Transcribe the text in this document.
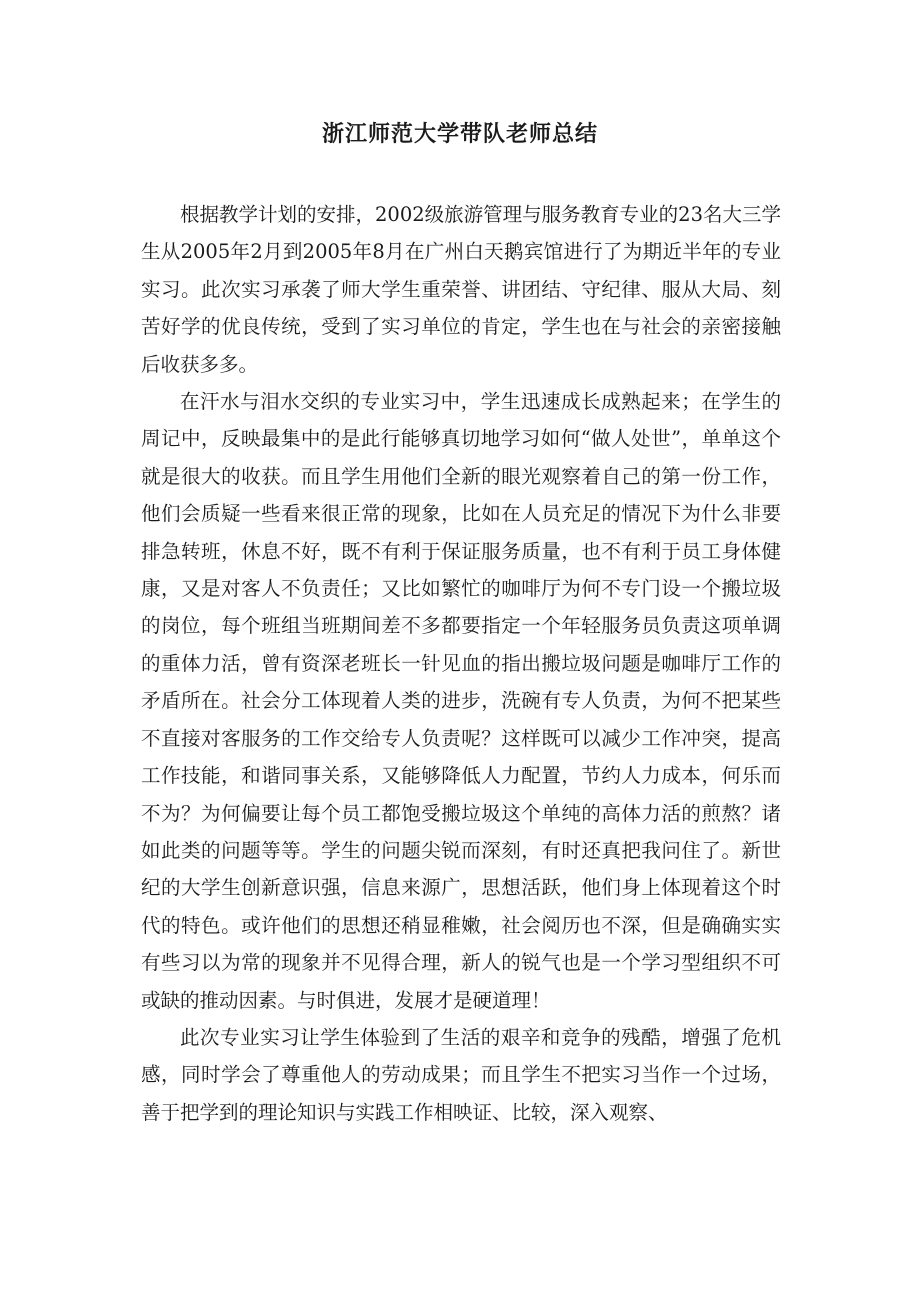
浙江师范大学带队老师总结

根据教学计划的安排，2002级旅游管理与服务教育专业的23名大三学生从2005年2月到2005年8月在广州白天鹅宾馆进行了为期近半年的专业实习。此次实习承袭了师大学生重荣誉、讲团结、守纪律、服从大局、刻苦好学的优良传统，受到了实习单位的肯定，学生也在与社会的亲密接触后收获多多。

在汗水与泪水交织的专业实习中，学生迅速成长成熟起来；在学生的周记中，反映最集中的是此行能够真切地学习如何“做人处世”，单单这个就是很大的收获。而且学生用他们全新的眼光观察着自己的第一份工作，他们会质疑一些看来很正常的现象，比如在人员充足的情况下为什么非要排急转班，休息不好，既不有利于保证服务质量，也不有利于员工身体健康，又是对客人不负责任；又比如繁忙的咖啡厅为何不专门设一个搬垃圾的岗位，每个班组当班期间差不多都要指定一个年轻服务员负责这项单调的重体力活，曾有资深老班长一针见血的指出搬垃圾问题是咖啡厅工作的矛盾所在。社会分工体现着人类的进步，洗碗有专人负责，为何不把某些不直接对客服务的工作交给专人负责呢？这样既可以减少工作冲突，提高工作技能，和谐同事关系，又能够降低人力配置，节约人力成本，何乐而不为？为何偏要让每个员工都饱受搬垃圾这个单纯的高体力活的煎熬？诸如此类的问题等等。学生的问题尖锐而深刻，有时还真把我问住了。新世纪的大学生创新意识强，信息来源广，思想活跃，他们身上体现着这个时代的特色。或许他们的思想还稍显稚嫩，社会阅历也不深，但是确确实实有些习以为常的现象并不见得合理，新人的锐气也是一个学习型组织不可或缺的推动因素。与时俱进，发展才是硬道理！

此次专业实习让学生体验到了生活的艰辛和竞争的残酷，增强了危机感，同时学会了尊重他人的劳动成果；而且学生不把实习当作一个过场，善于把学到的理论知识与实践工作相映证、比较，深入观察、
